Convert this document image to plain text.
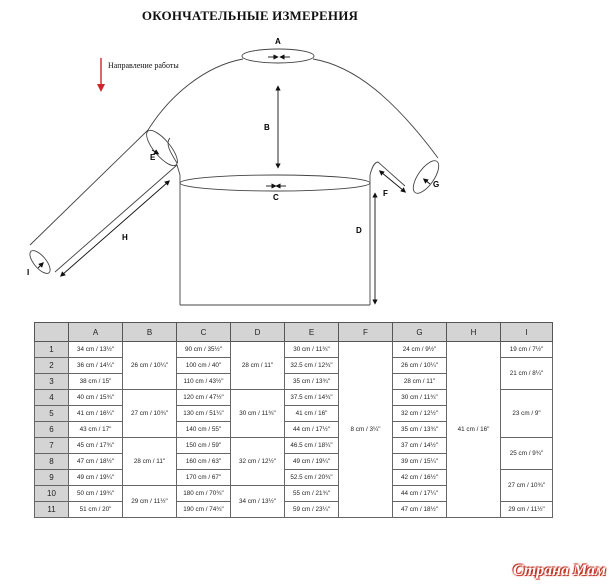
ОКОНЧАТЕЛЬНЫЕ ИЗМЕРЕНИЯ
Направление работы
A
B
C
D
E
F
G
H
I
	A	B	C	D	E	F	G	H	I
1	34 cm / 13½"	26 cm / 10¼"	90 cm / 35½"	28 cm / 11"	30 cm / 11¾"	8 cm / 3¼"	24 cm / 9½"	41 cm / 16"	19 cm / 7½"
2	36 cm / 14¼"		100 cm / 40"		32.5 cm / 12¾"		26 cm / 10¼"		21 cm / 8¼"
3	38 cm / 15"		110 cm / 43½"		35 cm / 13¾"		28 cm / 11"		
4	40 cm / 15¾"	27 cm / 10¾"	120 cm / 47½"	30 cm / 11¾"	37.5 cm / 14¾"		30 cm / 11¾"		23 cm / 9"
5	41 cm / 16¼"		130 cm / 51¼"		41 cm / 16"		32 cm / 12½"		
6	43 cm / 17"		140 cm / 55"		44 cm / 17½"		35 cm / 13¾"		
7	45 cm / 17¾"	28 cm / 11"	150 cm / 59"	32 cm / 12½"	46.5 cm / 18¼"		37 cm / 14½"		25 cm / 9¾"
8	47 cm / 18½"		160 cm / 63"		49 cm / 19¼"		39 cm / 15¼"		
9	49 cm / 19¼"		170 cm / 67"		52.5 cm / 20¾"		42 cm / 16½"		27 cm / 10¾"
10	50 cm / 19¾"	29 cm / 11½"	180 cm / 70¾"	34 cm / 13½"	55 cm / 21¾"		44 cm / 17¼"		
11	51 cm / 20"		190 cm / 74¾"		59 cm / 23¼"		47 cm / 18½"		29 cm / 11½"
Страна Мам
